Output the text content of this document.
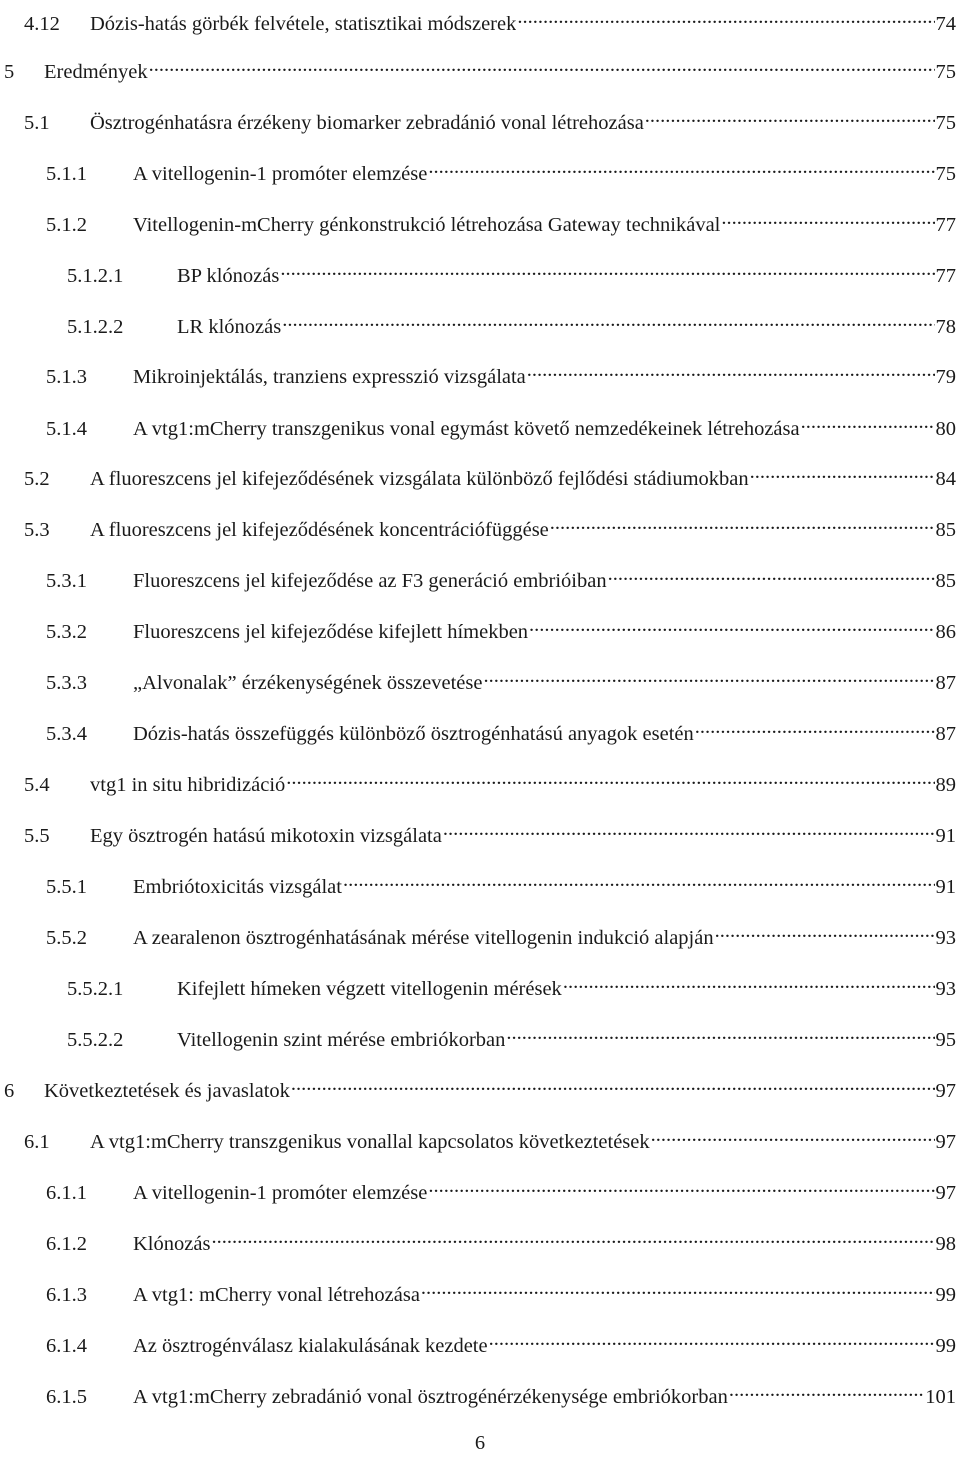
4.12	Dózis-hatás görbék felvétele, statisztikai módszerek .....	74
5	Eredmények .....	75
5.1	Ösztrogénhatásra érzékeny biomarker zebradánió vonal létrehozása .....	75
5.1.1	A vitellogenin-1 promóter elemzése .....	75
5.1.2	Vitellogenin-mCherry génkonstrukció létrehozása Gateway technikával .....	77
5.1.2.1	BP klónozás .....	77
5.1.2.2	LR klónozás .....	78
5.1.3	Mikroinjektálás, tranziens expresszió vizsgálata .....	79
5.1.4	A vtg1:mCherry transzgenikus vonal egymást követő nemzedékeinek létrehozása .....	80
5.2	A fluoreszcens jel kifejeződésének vizsgálata különböző fejlődési stádiumokban .....	84
5.3	A fluoreszcens jel kifejeződésének koncentrációfüggése .....	85
5.3.1	Fluoreszcens jel kifejeződése az F3 generáció embrióiban .....	85
5.3.2	Fluoreszcens jel kifejeződése kifejlett hímekben .....	86
5.3.3	„Alvonalak” érzékenységének összevetése .....	87
5.3.4	Dózis-hatás összefüggés különböző ösztrogénhatású anyagok esetén .....	87
5.4	vtg1 in situ hibridizáció .....	89
5.5	Egy ösztrogén hatású mikotoxin vizsgálata .....	91
5.5.1	Embriótoxicitás vizsgálat .....	91
5.5.2	A zearalenon ösztrogénhatásának mérése vitellogenin indukció alapján .....	93
5.5.2.1	Kifejlett hímeken végzett vitellogenin mérések .....	93
5.5.2.2	Vitellogenin szint mérése embriókorban .....	95
6	Következtetések és javaslatok .....	97
6.1	A vtg1:mCherry transzgenikus vonallal kapcsolatos következtetések .....	97
6.1.1	A vitellogenin-1 promóter elemzése .....	97
6.1.2	Klónozás .....	98
6.1.3	A vtg1: mCherry vonal létrehozása .....	99
6.1.4	Az ösztrogénválasz kialakulásának kezdete .....	99
6.1.5	A vtg1:mCherry zebradánió vonal ösztrogénérzékenysége embriókorban .....	101
6
